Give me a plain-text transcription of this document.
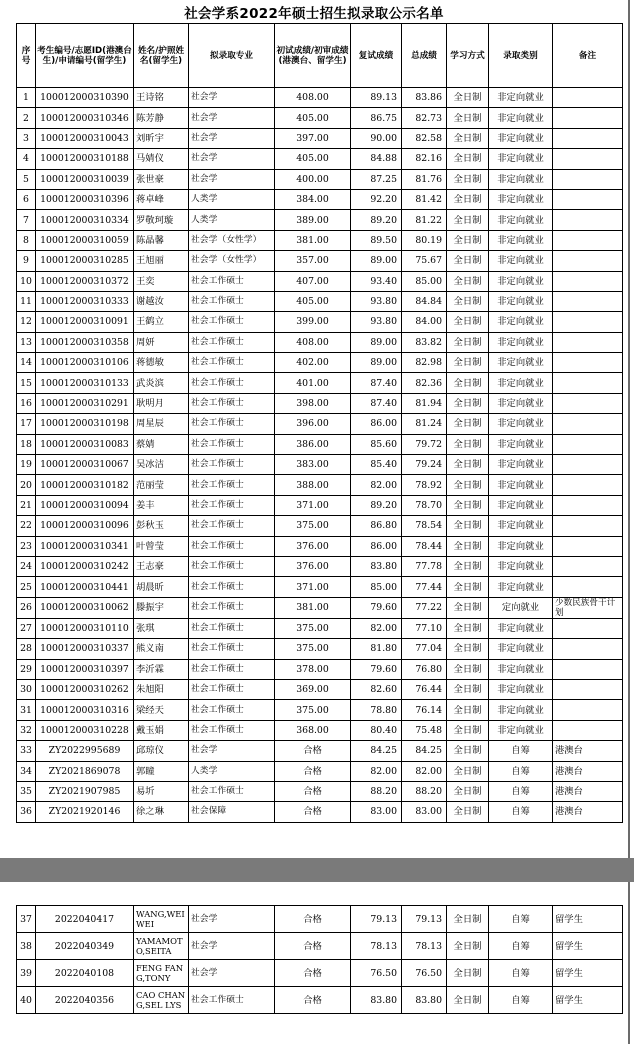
社会学系2022年硕士招生拟录取公示名单
序号	考生编号/志愿ID(港澳台生)/申请编号(留学生)	姓名/护照姓名(留学生)	拟录取专业	初试成绩/初审成绩(港澳台、留学生)	复试成绩	总成绩	学习方式	录取类别	备注
1	100012000310390	王诗铭	社会学	408.00	89.13	83.86	全日制	非定向就业	
2	100012000310346	陈芳静	社会学	405.00	86.75	82.73	全日制	非定向就业	
3	100012000310043	刘昕宇	社会学	397.00	90.00	82.58	全日制	非定向就业	
4	100012000310188	马婧仪	社会学	405.00	84.88	82.16	全日制	非定向就业	
5	100012000310039	张世豪	社会学	400.00	87.25	81.76	全日制	非定向就业	
6	100012000310396	蒋卓峰	人类学	384.00	92.20	81.42	全日制	非定向就业	
7	100012000310334	罗敬珂璇	人类学	389.00	89.20	81.22	全日制	非定向就业	
8	100012000310059	陈晶馨	社会学（女性学）	381.00	89.50	80.19	全日制	非定向就业	
9	100012000310285	王旭丽	社会学（女性学）	357.00	89.00	75.67	全日制	非定向就业	
10	100012000310372	王奕	社会工作硕士	407.00	93.40	85.00	全日制	非定向就业	
11	100012000310333	谢越汝	社会工作硕士	405.00	93.80	84.84	全日制	非定向就业	
12	100012000310091	王鹤立	社会工作硕士	399.00	93.80	84.00	全日制	非定向就业	
13	100012000310358	周妍	社会工作硕士	408.00	89.00	83.82	全日制	非定向就业	
14	100012000310106	蒋德敏	社会工作硕士	402.00	89.00	82.98	全日制	非定向就业	
15	100012000310133	武炎滨	社会工作硕士	401.00	87.40	82.36	全日制	非定向就业	
16	100012000310291	耿明月	社会工作硕士	398.00	87.40	81.94	全日制	非定向就业	
17	100012000310198	周星辰	社会工作硕士	396.00	86.00	81.24	全日制	非定向就业	
18	100012000310083	蔡婧	社会工作硕士	386.00	85.60	79.72	全日制	非定向就业	
19	100012000310067	吴冰洁	社会工作硕士	383.00	85.40	79.24	全日制	非定向就业	
20	100012000310182	范丽莹	社会工作硕士	388.00	82.00	78.92	全日制	非定向就业	
21	100012000310094	姜丰	社会工作硕士	371.00	89.20	78.70	全日制	非定向就业	
22	100012000310096	彭秋玉	社会工作硕士	375.00	86.80	78.54	全日制	非定向就业	
23	100012000310341	叶曾莹	社会工作硕士	376.00	86.00	78.44	全日制	非定向就业	
24	100012000310242	王志豪	社会工作硕士	376.00	83.80	77.78	全日制	非定向就业	
25	100012000310441	胡晨昕	社会工作硕士	371.00	85.00	77.44	全日制	非定向就业	
26	100012000310062	滕振宇	社会工作硕士	381.00	79.60	77.22	全日制	定向就业	少数民族骨干计划
27	100012000310110	张琪	社会工作硕士	375.00	82.00	77.10	全日制	非定向就业	
28	100012000310337	熊义南	社会工作硕士	375.00	81.80	77.04	全日制	非定向就业	
29	100012000310397	李沂霖	社会工作硕士	378.00	79.60	76.80	全日制	非定向就业	
30	100012000310262	朱旭阳	社会工作硕士	369.00	82.60	76.44	全日制	非定向就业	
31	100012000310316	梁经天	社会工作硕士	375.00	78.80	76.14	全日制	非定向就业	
32	100012000310228	戴玉娟	社会工作硕士	368.00	80.40	75.48	全日制	非定向就业	
33	ZY2022995689	邱琼仪	社会学	合格	84.25	84.25	全日制	自筹	港澳台
34	ZY2021869078	郭瞳	人类学	合格	82.00	82.00	全日制	自筹	港澳台
35	ZY2021907985	易圻	社会工作硕士	合格	88.20	88.20	全日制	自筹	港澳台
36	ZY2021920146	徐之琳	社会保障	合格	83.00	83.00	全日制	自筹	港澳台
37	2022040417	WANG,WEI WEI	社会学	合格	79.13	79.13	全日制	自筹	留学生
38	2022040349	YAMAMOTO,SEITA	社会学	合格	78.13	78.13	全日制	自筹	留学生
39	2022040108	FENG FANG,TONY	社会学	合格	76.50	76.50	全日制	自筹	留学生
40	2022040356	CAO CHANG,SEL LYS	社会工作硕士	合格	83.80	83.80	全日制	自筹	留学生
